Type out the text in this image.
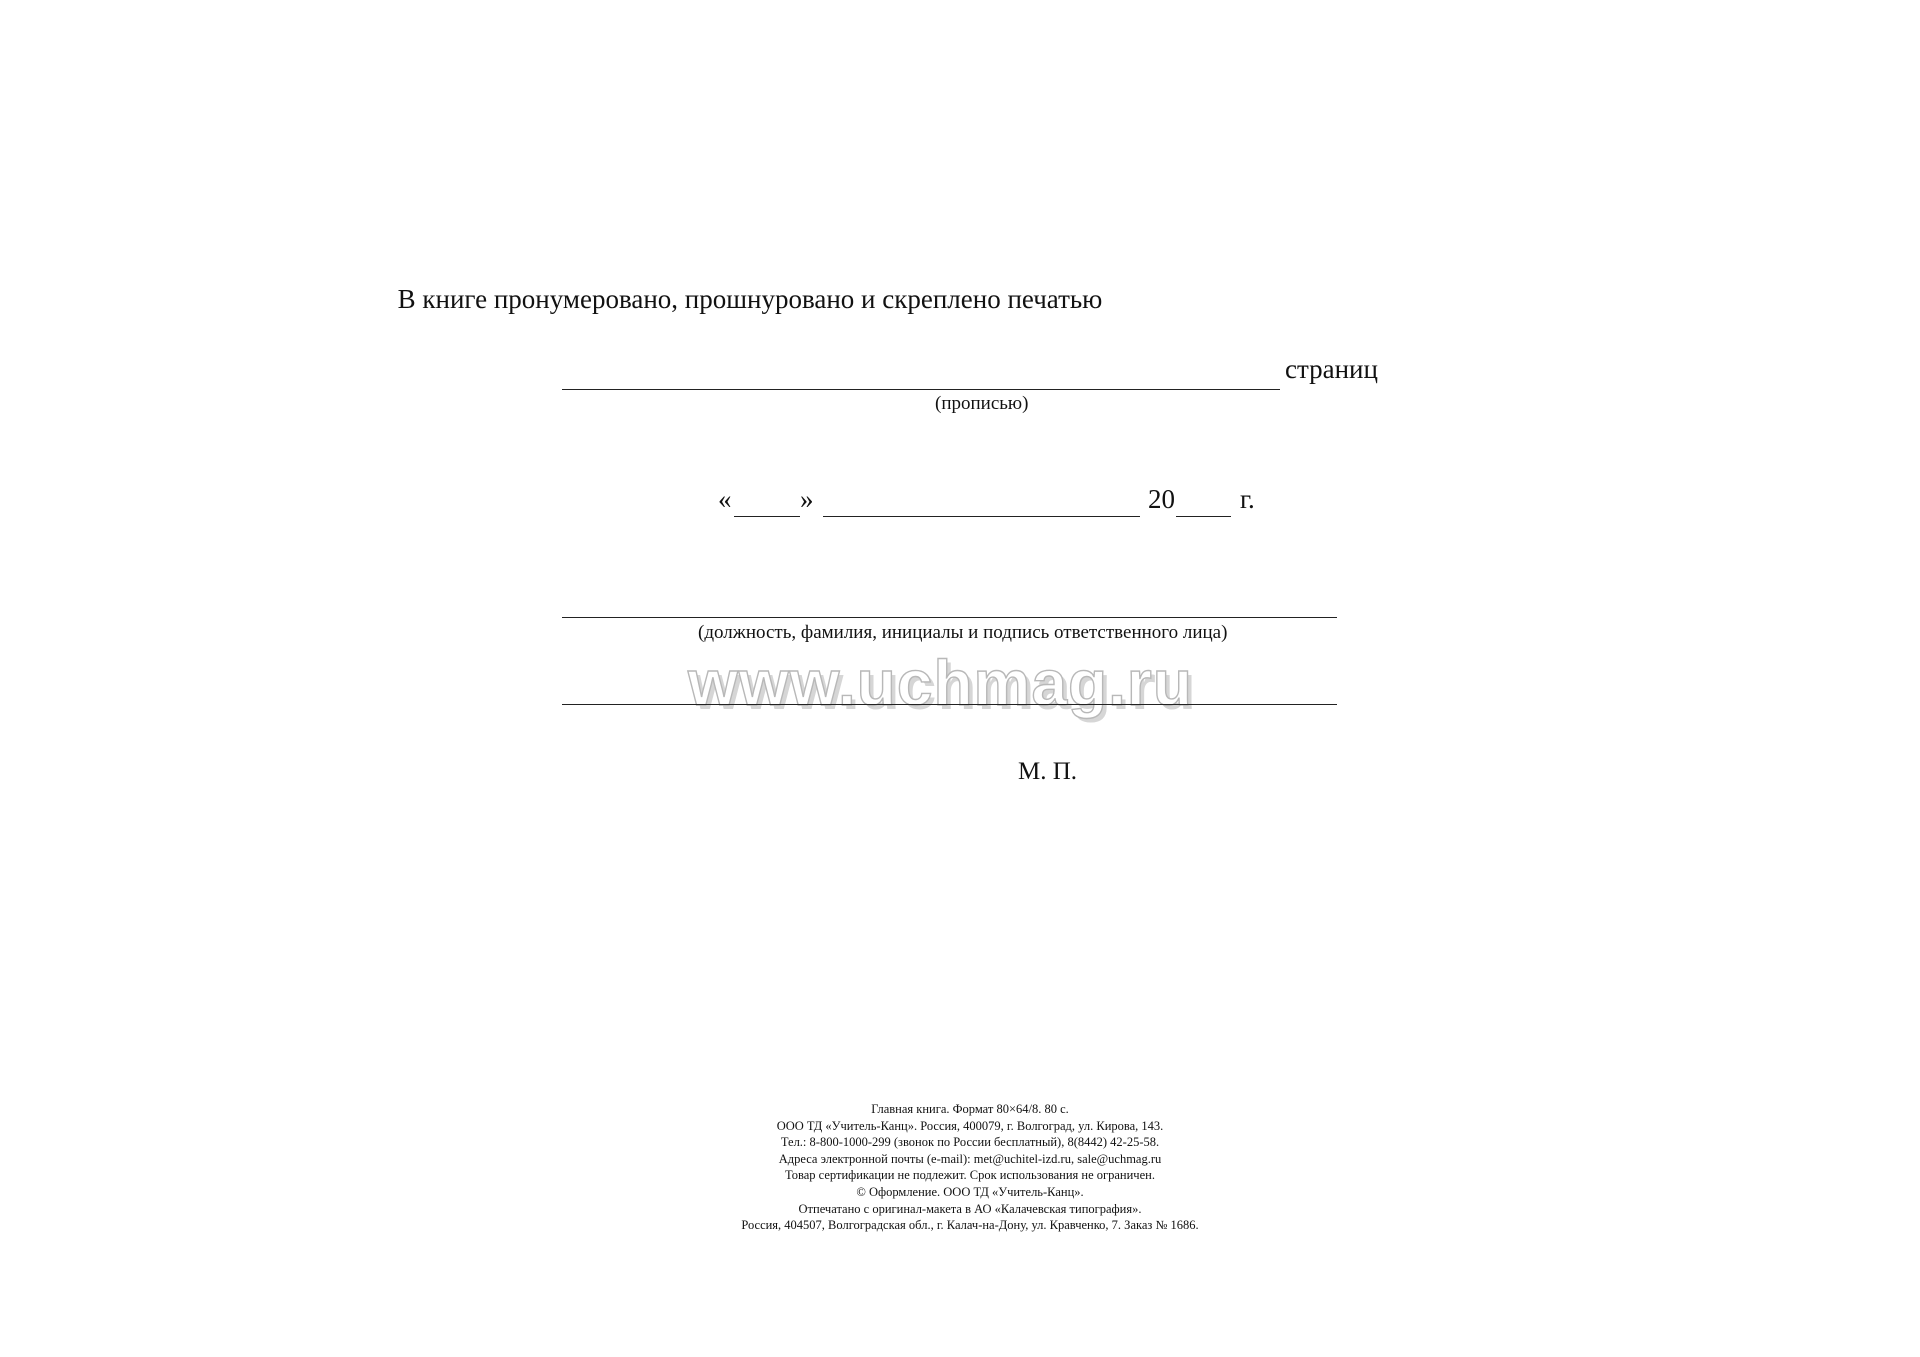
В книге пронумеровано, прошнуровано и скреплено печатью
страниц
(прописью)
«	»	20 г.
(должность, фамилия, инициалы и подпись ответственного лица)
www.uchmag.ru
М. П.
Главная книга. Формат 80×64/8. 80 с.
ООО ТД «Учитель-Канц». Россия, 400079, г. Волгоград, ул. Кирова, 143.
Тел.: 8-800-1000-299 (звонок по России бесплатный), 8(8442) 42-25-58.
Адреса электронной почты (e-mail): met@uchitel-izd.ru, sale@uchmag.ru
Товар сертификации не подлежит. Срок использования не ограничен.
© Оформление. ООО ТД «Учитель-Канц».
Отпечатано с оригинал-макета в АО «Калачевская типография».
Россия, 404507, Волгоградская обл., г. Калач-на-Дону, ул. Кравченко, 7. Заказ № 1686.
